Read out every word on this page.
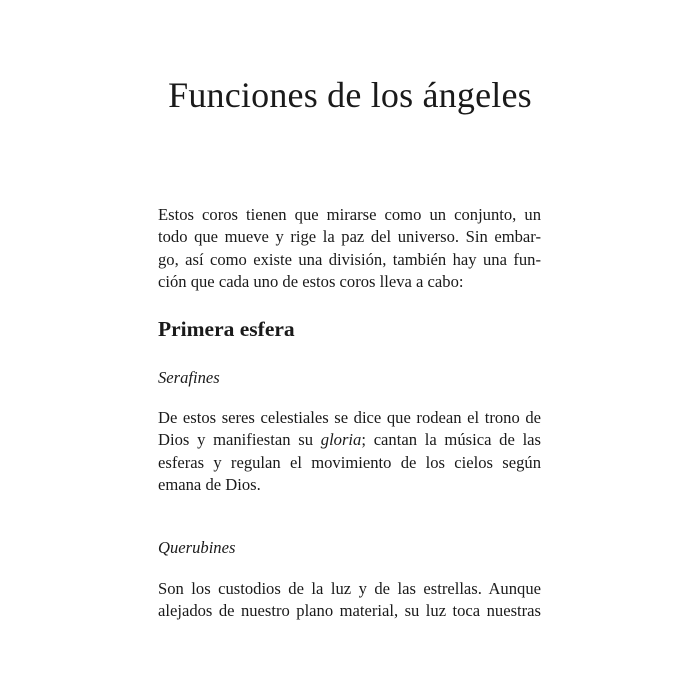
Funciones de los ángeles

Estos coros tienen que mirarse como un conjunto, un
todo que mueve y rige la paz del universo. Sin embar-
go, así como existe una división, también hay una fun-
ción que cada uno de estos coros lleva a cabo:

Primera esfera
Serafines

De estos seres celestiales se dice que rodean el trono de
Dios y manifiestan su gloria; cantan la música de las
esferas y regulan el movimiento de los cielos según
emana de Dios.

Querubines

Son los custodios de la luz y de las estrellas. Aunque
alejados de nuestro plano material, su luz toca nuestras
